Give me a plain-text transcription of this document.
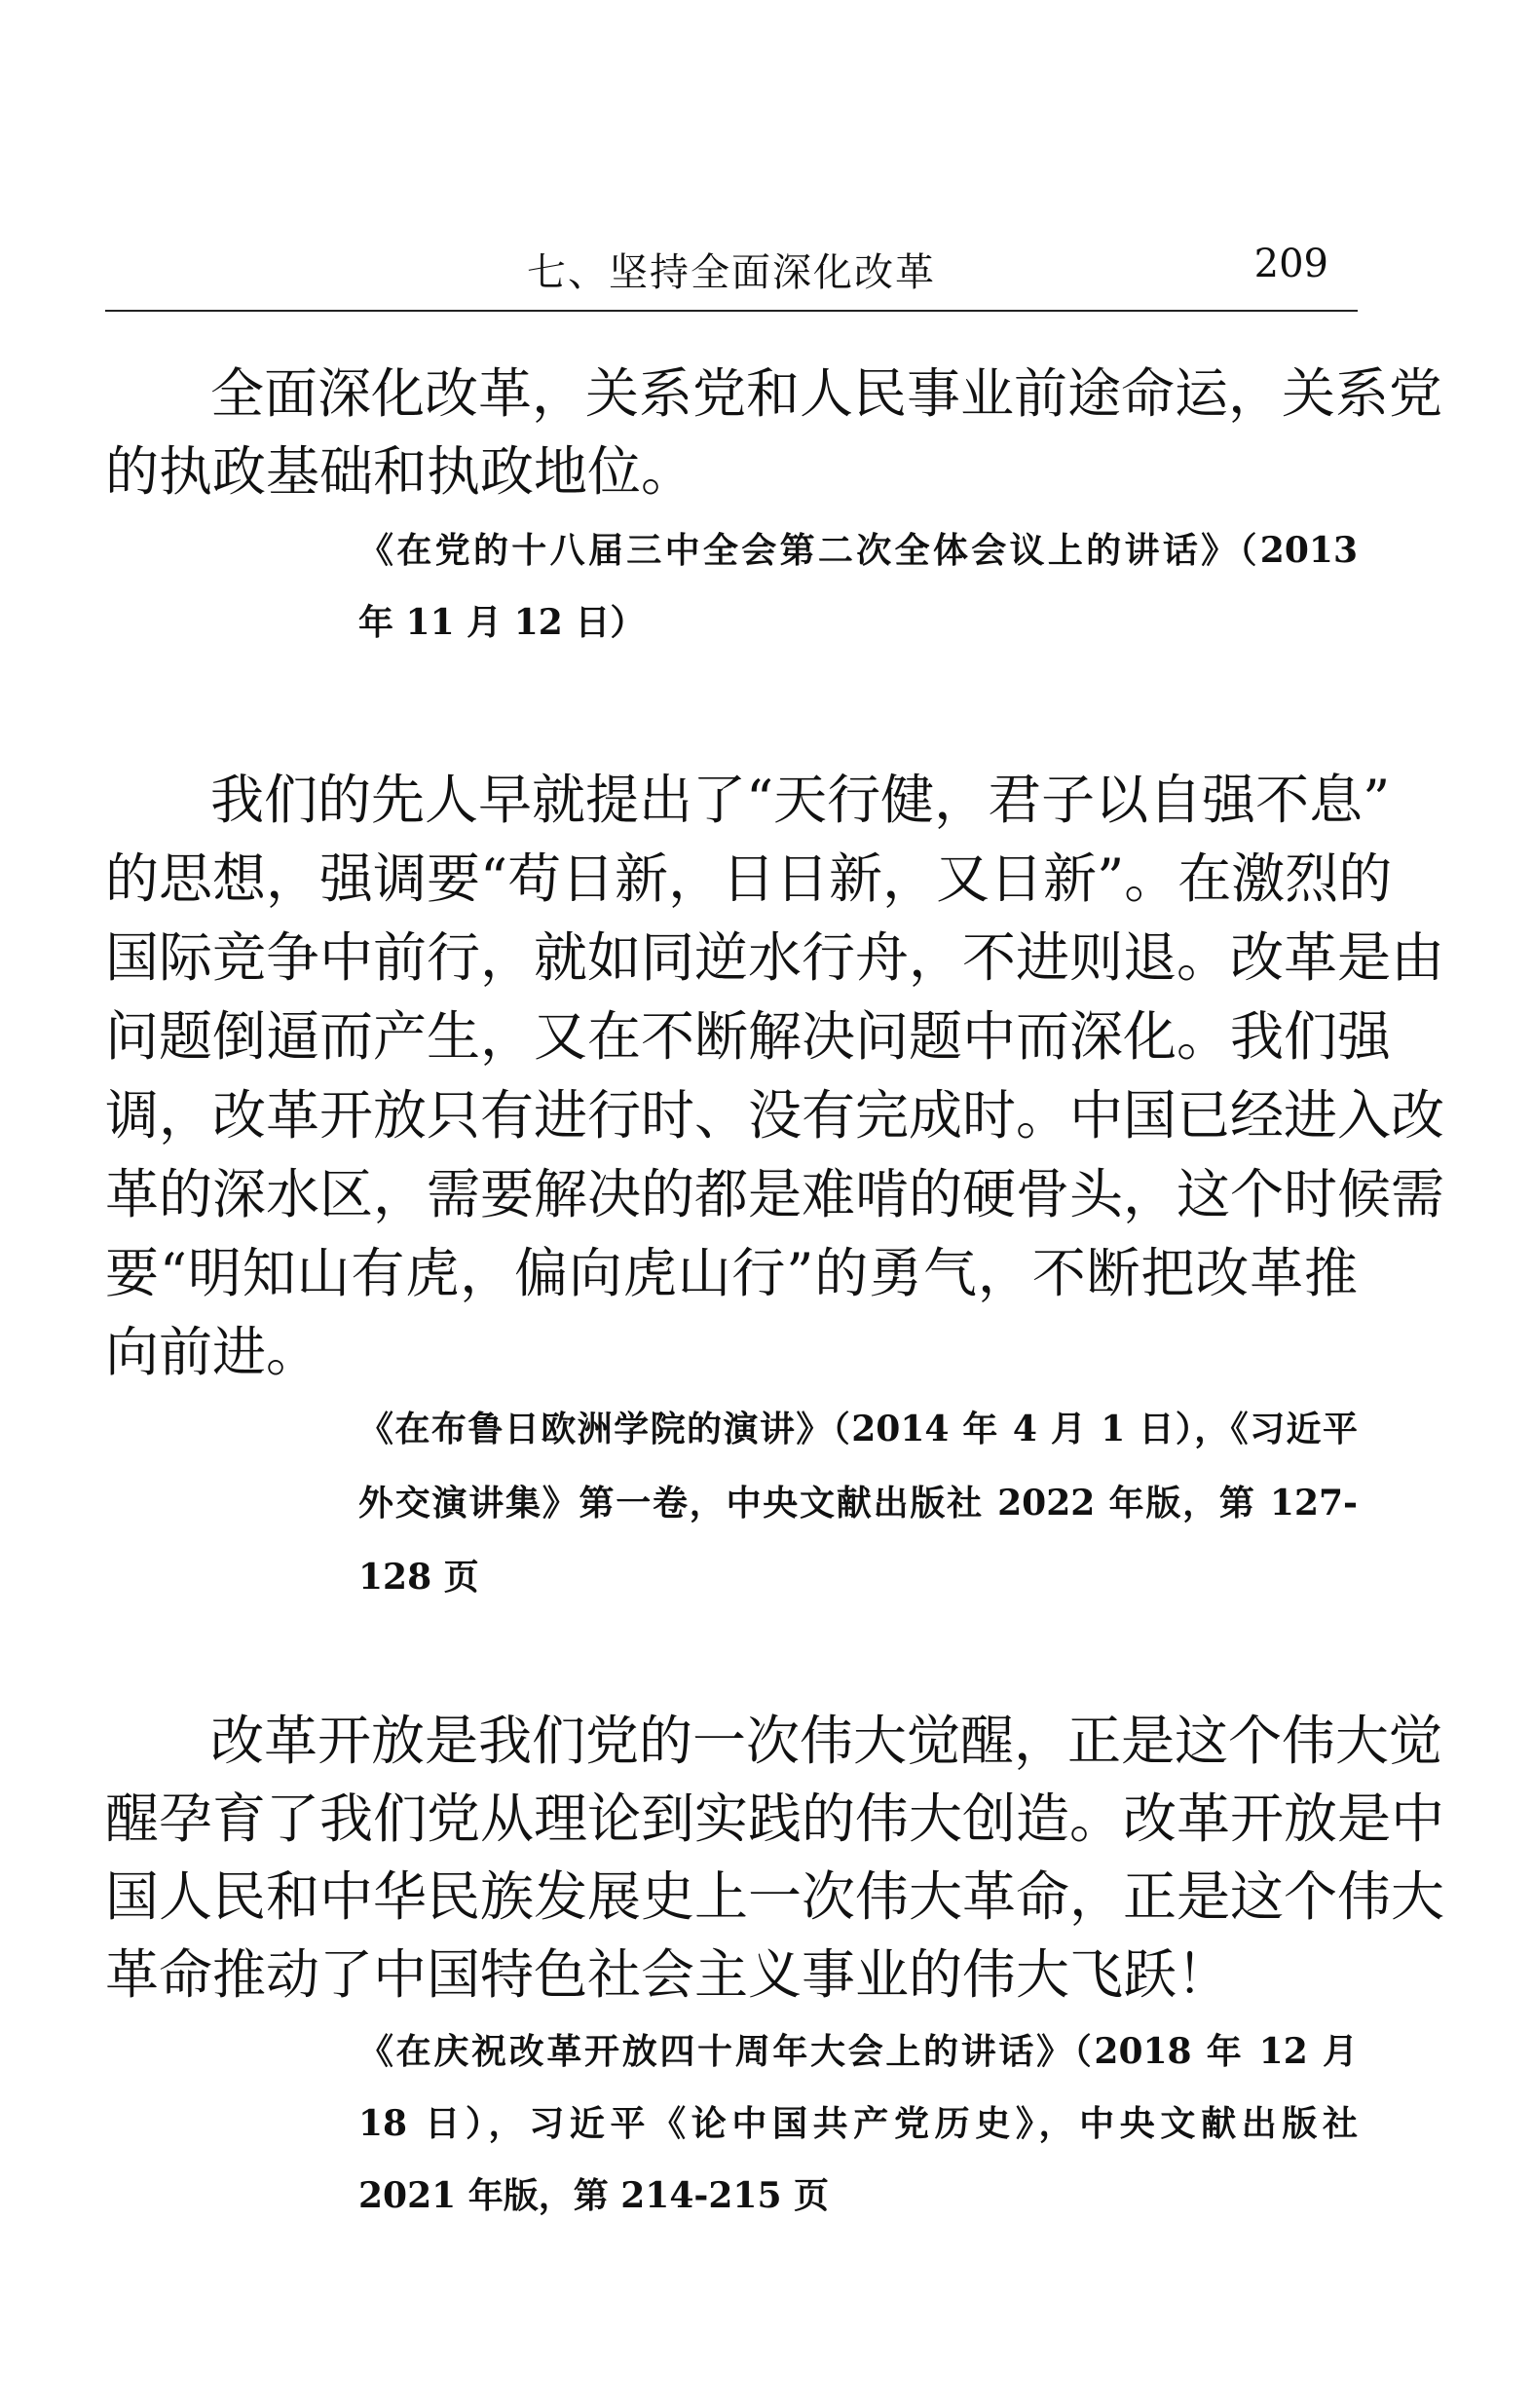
七、坚持全面深化改革	209

全面深化改革，关系党和人民事业前途命运，关系党

的执政基础和执政地位。

《在党的十八届三中全会第二次全体会议上的讲话》（2013

年 11 月 12 日）

我们的先人早就提出了“天行健，君子以自强不息”

的思想，强调要“苟日新，日日新，又日新”。在激烈的

国际竞争中前行，就如同逆水行舟，不进则退。改革是由

问题倒逼而产生，又在不断解决问题中而深化。我们强

调，改革开放只有进行时、没有完成时。中国已经进入改

革的深水区，需要解决的都是难啃的硬骨头，这个时候需

要“明知山有虎，偏向虎山行”的勇气，不断把改革推

向前进。

《在布鲁日欧洲学院的演讲》（2014 年 4 月 1 日），《习近平

外交演讲集》第一卷，中央文献出版社 2022 年版，第 127-

128 页

改革开放是我们党的一次伟大觉醒，正是这个伟大觉

醒孕育了我们党从理论到实践的伟大创造。改革开放是中

国人民和中华民族发展史上一次伟大革命，正是这个伟大

革命推动了中国特色社会主义事业的伟大飞跃！

《在庆祝改革开放四十周年大会上的讲话》（2018 年 12 月

18 日），习近平《论中国共产党历史》，中央文献出版社

2021 年版，第 214-215 页
